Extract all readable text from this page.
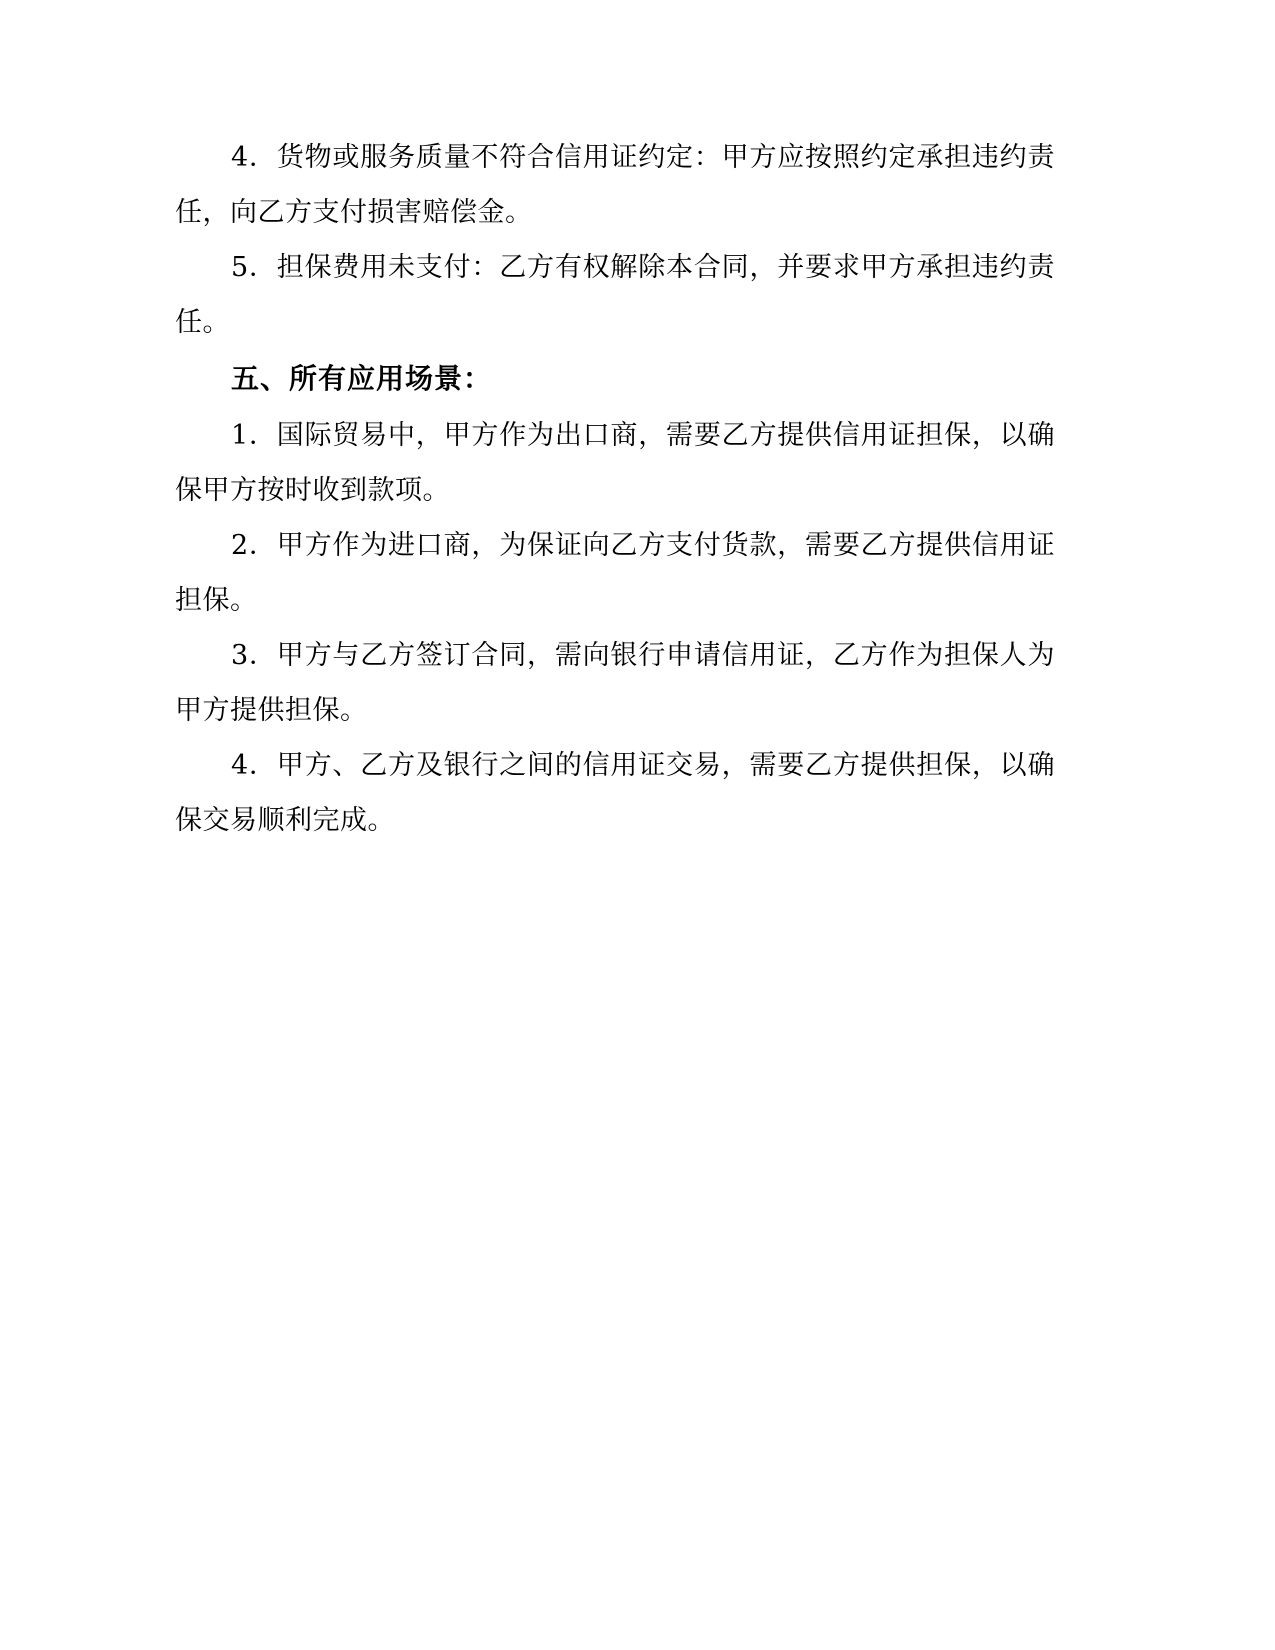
4．货物或服务质量不符合信用证约定：甲方应按照约定承担违约责任，向乙方支付损害赔偿金。

5．担保费用未支付：乙方有权解除本合同，并要求甲方承担违约责任。

五、所有应用场景：

1．国际贸易中，甲方作为出口商，需要乙方提供信用证担保，以确保甲方按时收到款项。

2．甲方作为进口商，为保证向乙方支付货款，需要乙方提供信用证担保。

3．甲方与乙方签订合同，需向银行申请信用证，乙方作为担保人为甲方提供担保。

4．甲方、乙方及银行之间的信用证交易，需要乙方提供担保，以确保交易顺利完成。
